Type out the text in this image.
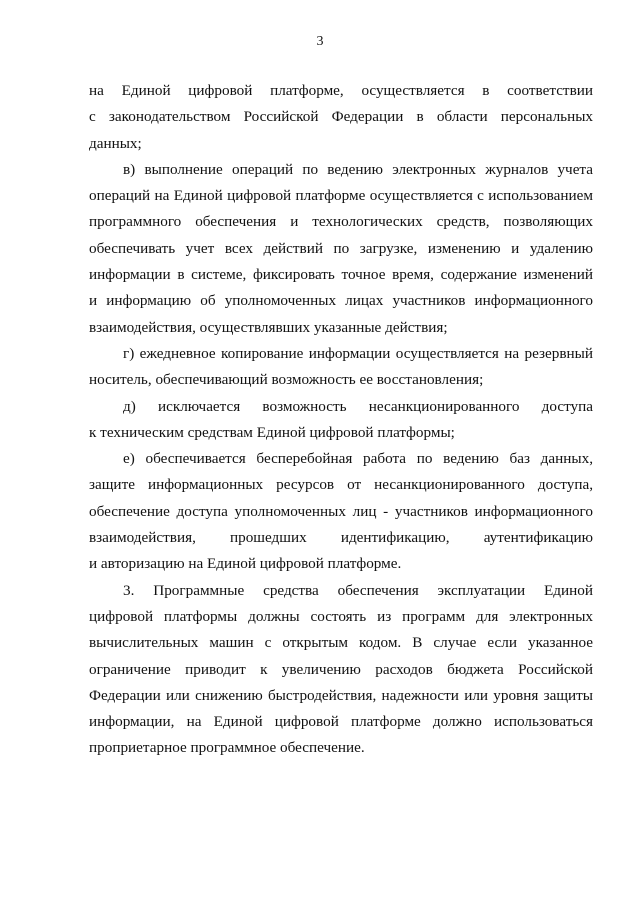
3

на Единой цифровой платформе, осуществляется в соответствии
с законодательством Российской Федерации в области персональных
данных;

в) выполнение операций по ведению электронных журналов учета
операций на Единой цифровой платформе осуществляется с использованием
программного обеспечения и технологических средств, позволяющих
обеспечивать учет всех действий по загрузке, изменению и удалению
информации в системе, фиксировать точное время, содержание изменений
и информацию об уполномоченных лицах участников информационного
взаимодействия, осуществлявших указанные действия;

г) ежедневное копирование информации осуществляется на резервный
носитель, обеспечивающий возможность ее восстановления;

д) исключается возможность несанкционированного доступа
к техническим средствам Единой цифровой платформы;

е) обеспечивается бесперебойная работа по ведению баз данных,
защите информационных ресурсов от несанкционированного доступа,
обеспечение доступа уполномоченных лиц - участников информационного
взаимодействия, прошедших идентификацию, аутентификацию
и авторизацию на Единой цифровой платформе.

3. Программные средства обеспечения эксплуатации Единой
цифровой платформы должны состоять из программ для электронных
вычислительных машин с открытым кодом. В случае если указанное
ограничение приводит к увеличению расходов бюджета Российской
Федерации или снижению быстродействия, надежности или уровня защиты
информации, на Единой цифровой платформе должно использоваться
проприетарное программное обеспечение.
